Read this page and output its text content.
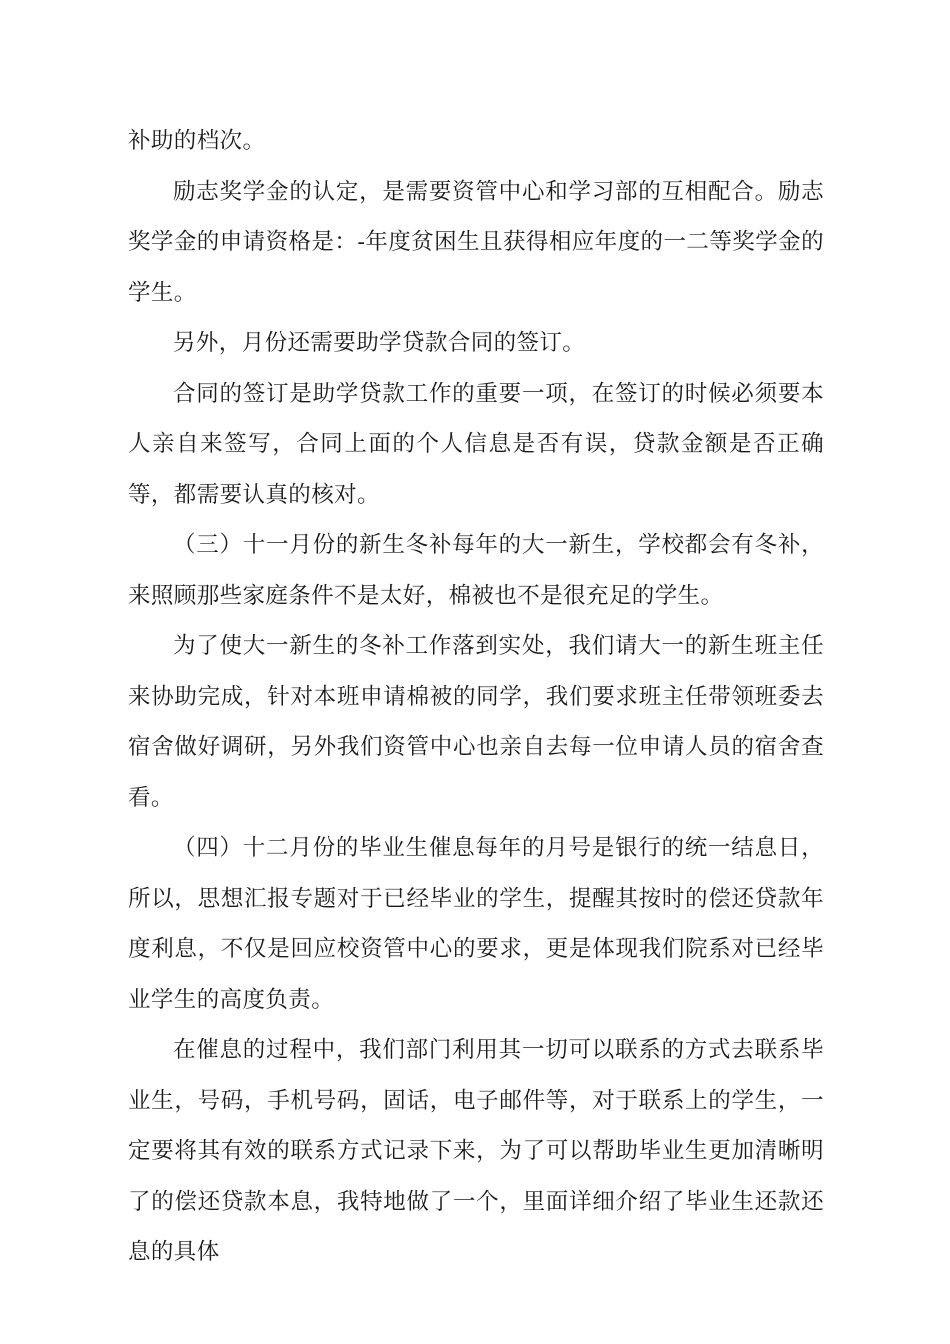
补助的档次。

励志奖学金的认定，是需要资管中心和学习部的互相配合。励志奖学金的申请资格是：-年度贫困生且获得相应年度的一二等奖学金的学生。

另外，月份还需要助学贷款合同的签订。

合同的签订是助学贷款工作的重要一项，在签订的时候必须要本人亲自来签写，合同上面的个人信息是否有误，贷款金额是否正确等，都需要认真的核对。

（三）十一月份的新生冬补每年的大一新生，学校都会有冬补，来照顾那些家庭条件不是太好，棉被也不是很充足的学生。

为了使大一新生的冬补工作落到实处，我们请大一的新生班主任来协助完成，针对本班申请棉被的同学，我们要求班主任带领班委去宿舍做好调研，另外我们资管中心也亲自去每一位申请人员的宿舍查看。

（四）十二月份的毕业生催息每年的月号是银行的统一结息日，所以，思想汇报专题对于已经毕业的学生，提醒其按时的偿还贷款年度利息，不仅是回应校资管中心的要求，更是体现我们院系对已经毕业学生的高度负责。

在催息的过程中，我们部门利用其一切可以联系的方式去联系毕业生，号码，手机号码，固话，电子邮件等，对于联系上的学生，一定要将其有效的联系方式记录下来，为了可以帮助毕业生更加清晰明了的偿还贷款本息，我特地做了一个，里面详细介绍了毕业生还款还息的具体
